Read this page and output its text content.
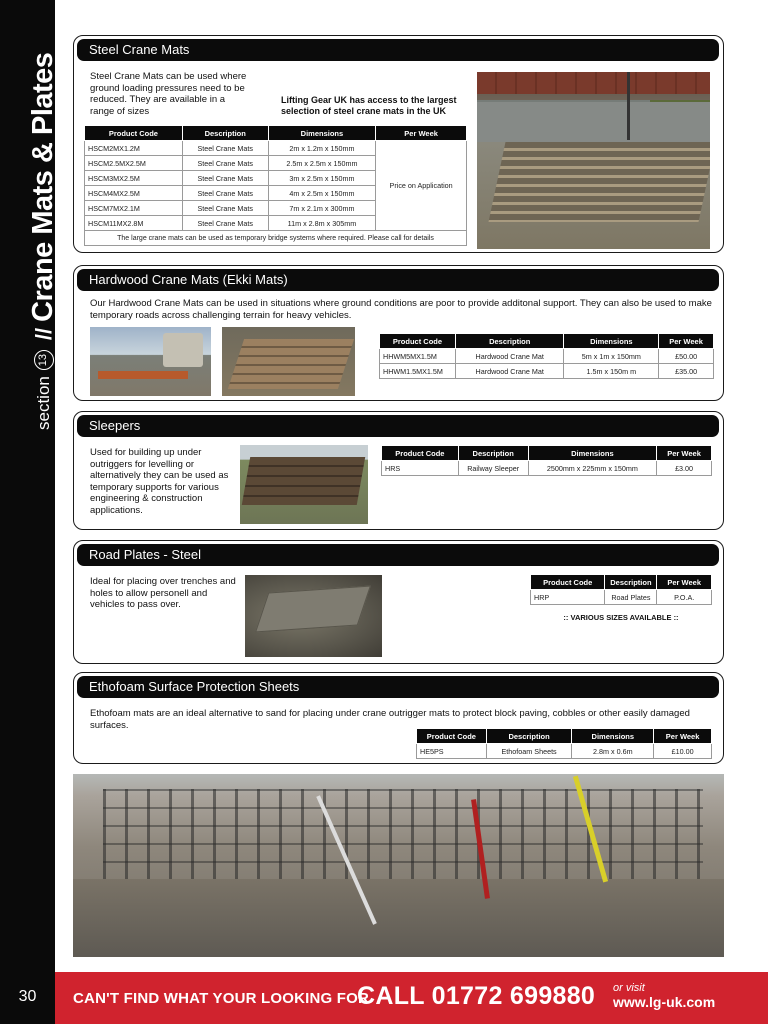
section
13
//
Crane Mats & Plates
30
Steel Crane Mats
Steel Crane Mats can be used where ground loading pressures need to be reduced. They are available in a range of sizes
Lifting Gear UK has access to the largest selection of steel crane mats in the UK
Product Code	Description	Dimensions	Per Week
HSCM2MX1.2M	Steel Crane Mats	2m x 1.2m x 150mm	Price on Application
HSCM2.5MX2.5M	Steel Crane Mats	2.5m x 2.5m x 150mm	
HSCM3MX2.5M	Steel Crane Mats	3m x 2.5m x 150mm	
HSCM4MX2.5M	Steel Crane Mats	4m x 2.5m x 150mm	
HSCM7MX2.1M	Steel Crane Mats	7m x 2.1m x 300mm	
HSCM11MX2.8M	Steel Crane Mats	11m x 2.8m x 305mm	
The large crane mats can be used as temporary bridge systems where required. Please call for details			
Hardwood Crane Mats (Ekki Mats)
Our Hardwood Crane Mats can be used in situations where ground conditions are poor to provide additonal support. They can also be used to make temporary roads across challenging terrain for heavy vehicles.
Product Code	Description	Dimensions	Per Week
HHWM5MX1.5M	Hardwood Crane Mat	5m x 1m x 150mm	£50.00
HHWM1.5MX1.5M	Hardwood Crane Mat	1.5m x 150m m	£35.00
Sleepers
Used for building up under outriggers for levelling or alternatively they can be used as temporary supports for various engineering & construction applications.
Product Code	Description	Dimensions	Per Week
HRS	Railway Sleeper	2500mm x 225mm x 150mm	£3.00
Road Plates - Steel
Ideal for placing over trenches and holes to allow personell and vehicles to pass over.
Product Code	Description	Per Week
HRP	Road Plates	P.O.A.
:: VARIOUS SIZES AVAILABLE ::
Ethofoam Surface Protection Sheets
Ethofoam mats are an ideal alternative to sand for placing under crane outrigger mats to protect block paving, cobbles or other easily damaged surfaces.
Product Code	Description	Dimensions	Per Week
HE5PS	Ethofoam Sheets	2.8m x 0.6m	£10.00
CAN'T FIND WHAT YOUR LOOKING FOR
CALL 01772 699880 or visit
www.lg-uk.com
